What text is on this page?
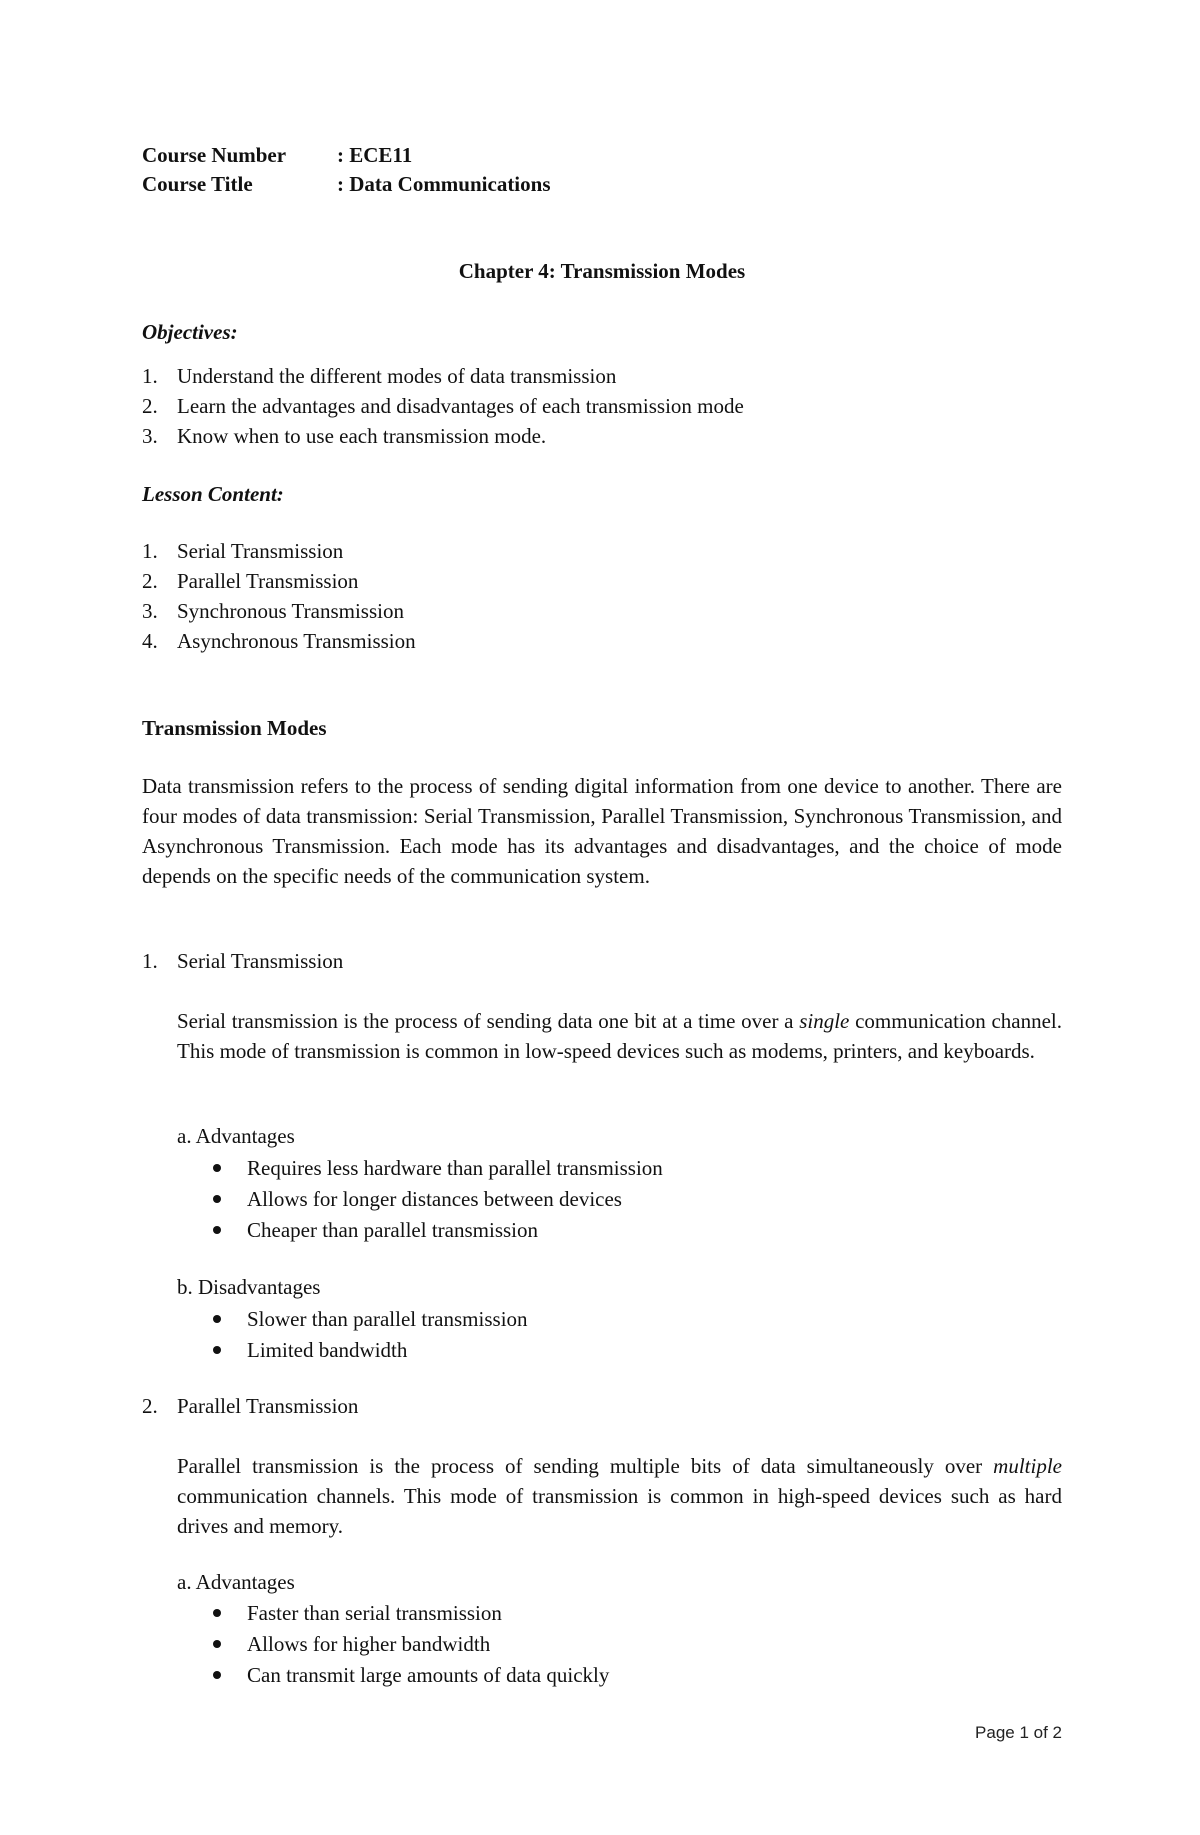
Course Number : ECE11
Course Title	: Data Communications
Chapter 4: Transmission Modes
Objectives:
1. Understand the different modes of data transmission
2. Learn the advantages and disadvantages of each transmission mode
3. Know when to use each transmission mode.
Lesson Content:
1. Serial Transmission
2. Parallel Transmission
3. Synchronous Transmission
4. Asynchronous Transmission
Transmission Modes

Data transmission refers to the process of sending digital information from one device to another. There are four modes of data transmission: Serial Transmission, Parallel Transmission, Synchronous Transmission, and Asynchronous Transmission. Each mode has its advantages and disadvantages, and the choice of mode depends on the specific needs of the communication system.

1. Serial Transmission

Serial transmission is the process of sending data one bit at a time over a single communication channel. This mode of transmission is common in low-speed devices such as modems, printers, and keyboards.

a. Advantages
Requires less hardware than parallel transmission
Allows for longer distances between devices
Cheaper than parallel transmission
b. Disadvantages
Slower than parallel transmission
Limited bandwidth
2. Parallel Transmission

Parallel transmission is the process of sending multiple bits of data simultaneously over multiple communication channels. This mode of transmission is common in high-speed devices such as hard drives and memory.

a. Advantages
Faster than serial transmission
Allows for higher bandwidth
Can transmit large amounts of data quickly
Page 1 of 2
